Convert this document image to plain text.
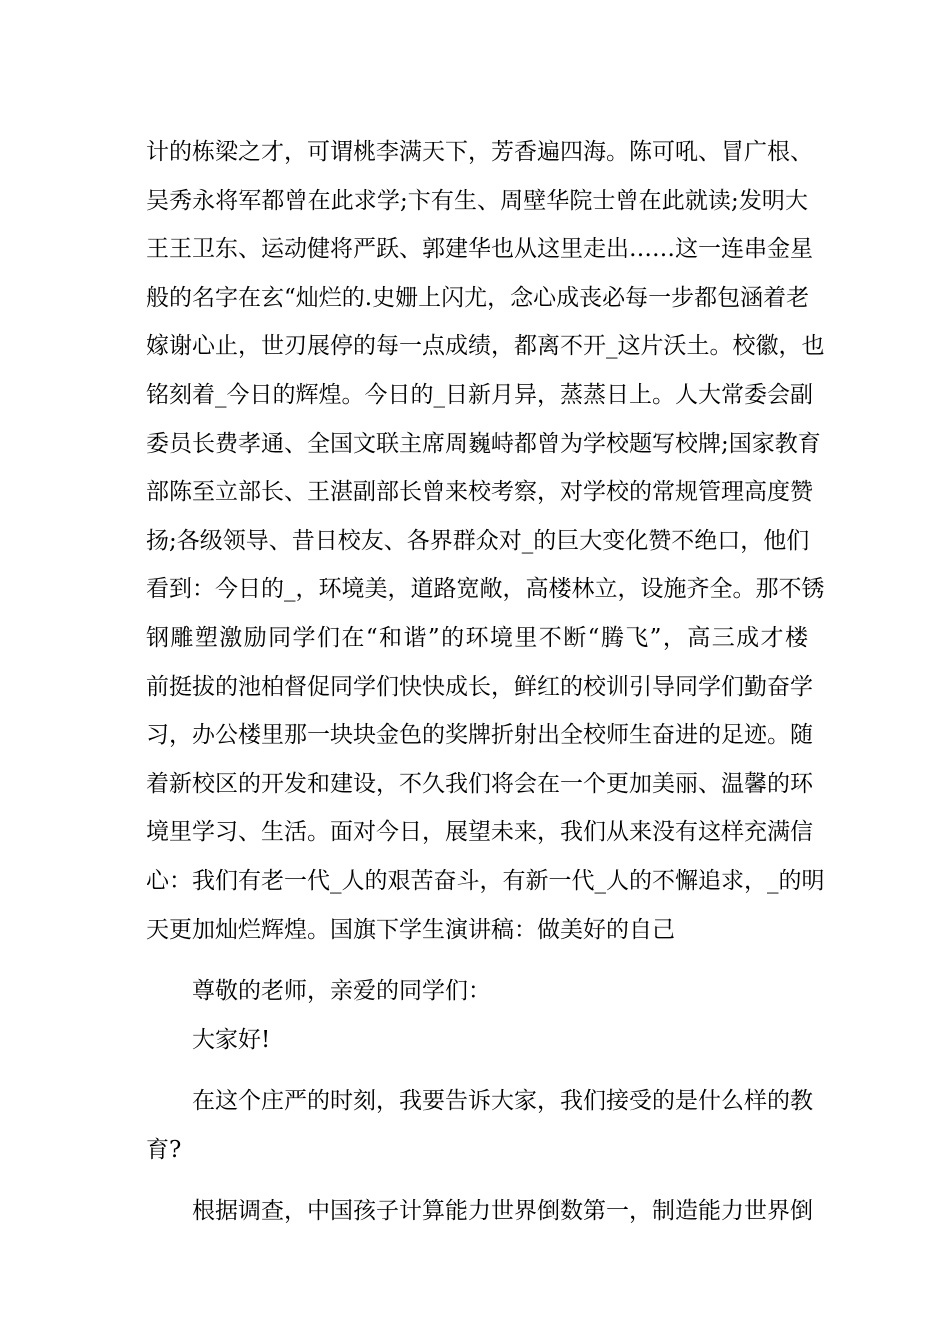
计的栋梁之才，可谓桃李满天下，芳香遍四海。陈可吼、冒广根、
吴秀永将军都曾在此求学;卞有生、周壁华院士曾在此就读;发明大
王王卫东、运动健将严跃、郭建华也从这里走出……这一连串金星
般的名字在玄“灿烂的.史姗上闪尤，念心成丧必每一步都包涵着老
嫁谢心止，世刃展停的每一点成绩，都离不开_这片沃土。校徽，也
铭刻着_今日的辉煌。今日的_日新月异，蒸蒸日上。人大常委会副
委员长费孝通、全国文联主席周巍峙都曾为学校题写校牌;国家教育
部陈至立部长、王湛副部长曾来校考察，对学校的常规管理高度赞
扬;各级领导、昔日校友、各界群众对_的巨大变化赞不绝口，他们
看到：今日的_，环境美，道路宽敞，高楼林立，设施齐全。那不锈
钢雕塑激励同学们在“和谐”的环境里不断“腾飞”，高三成才楼
前挺拔的池柏督促同学们快快成长，鲜红的校训引导同学们勤奋学
习，办公楼里那一块块金色的奖牌折射出全校师生奋进的足迹。随
着新校区的开发和建设，不久我们将会在一个更加美丽、温馨的环
境里学习、生活。面对今日，展望未来，我们从来没有这样充满信
心：我们有老一代_人的艰苦奋斗，有新一代_人的不懈追求，_的明
天更加灿烂辉煌。国旗下学生演讲稿：做美好的自己
尊敬的老师，亲爱的同学们：
大家好!
在这个庄严的时刻，我要告诉大家，我们接受的是什么样的教
育?
根据调查，中国孩子计算能力世界倒数第一，制造能力世界倒
